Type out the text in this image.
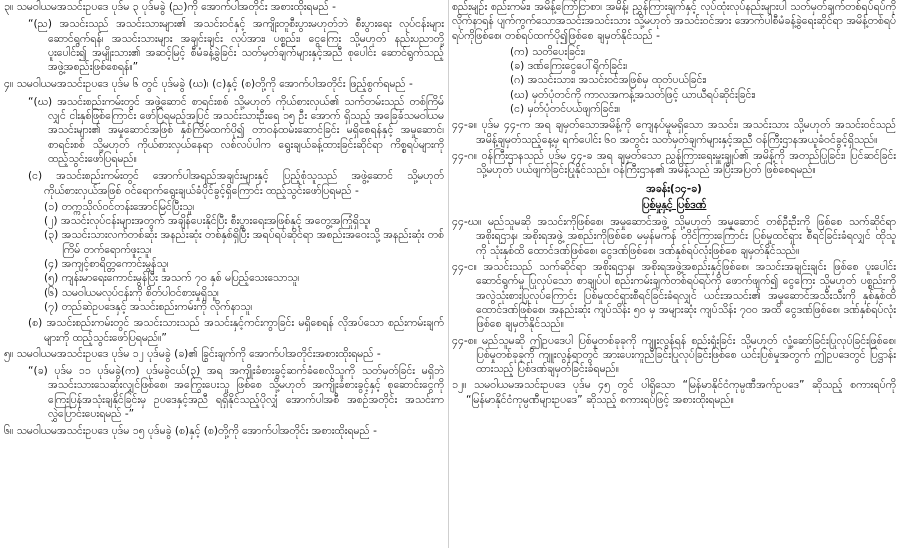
၃။ သမဝါယမအသင်းဥပဒေ ပုဒ်မ ၃ ပုဒ်မခွဲ (ည)ကို အောက်ပါအတိုင်း အစားထိုးရမည် -

“(ည) အသင်းသည် အသင်းသားများ၏ အသင်းဝင်နှင့် အကျိုးတူစီးပွားမဟုတ်ဘဲ စီးပွားရေး လုပ်ငန်းများ ဆောင်ရွက်ရန်၊ အသင်းသားများ အချင်းချင်း လုပ်အား၊ ပစ္စည်း၊ ငွေကြေး သို့မဟုတ် နည်းပညာတို့ ပူးပေါင်း၍ အမျိုးသား၏ အဆင့်မြင့် စီမံခန့်ခွဲခြင်း သတ်မှတ်ချက်များနှင့်အညီ စုပေါင်း ဆောင်ရွက်သည့် အဖွဲ့အစည်းဖြစ်စေရန်။”

၄။ သမဝါယမအသင်းဥပဒေ ပုဒ်မ ၆ တွင် ပုဒ်မခွဲ (ဃ)၊ (င)နှင့် (စ)တို့ကို အောက်ပါအတိုင်း ဖြည့်စွက်ရမည် -

“(ဃ) အသင်းစည်းကမ်းတွင် အဖွဲ့ဆောင် စာရင်းစစ် သို့မဟုတ် ကိုယ်စားလှယ်၏ သက်တမ်းသည် တစ်ကြိမ်လျှင် ငါးနှစ်ဖြစ်ကြောင်း ဖော်ပြရမည့်အပြင် အသင်းသားဦးရေ ၁၅ ဦး အောက် ရှိသည့် အခြေခံသမဝါယမအသင်းများ၏ အမှုဆောင်အဖြစ် နှစ်ကြိမ်ထက်ပို၍ တာဝန်ထမ်းဆောင်ခြင်း မရှိစေရန်နှင့် အမှုဆောင်၊ စာရင်းစစ် သို့မဟုတ် ကိုယ်စားလှယ်နေရာ လစ်လပ်ပါက ရွေးချယ်ခန့်ထားခြင်းဆိုင်ရာ ကိစ္စရပ်များကို ထည့်သွင်းဖော်ပြရမည်။

(င) အသင်းစည်းကမ်းတွင် အောက်ပါအရည်အချင်းများနှင့် ပြည့်စုံသူသည် အဖွဲ့ဆောင် သို့မဟုတ် ကိုယ်စားလှယ်အဖြစ် ဝင်ရောက်ရွေးချယ်ခံပိုင်ခွင့်ရှိကြောင်း ထည့်သွင်းဖော်ပြရမည် -

(၁) တက္ကသိုလ်ဝင်တန်းအောင်မြင်ပြီးသူ၊

(၂) အသင်းလုပ်ငန်းများအတွက် အချိန်ပေးနိုင်ပြီး စီးပွားရေးအဖြစ်နှင့် အတွေ့အကြုံရှိသူ၊

(၃) အသင်းသားလက်တစ်ဆုံး အနည်းဆုံး တစ်နှစ်ရှိပြီး အရပ်ရပ်ဆိုင်ရာ အစည်းအဝေးသို့ အနည်းဆုံး တစ်ကြိမ် တက်ရောက်ဖူးသူ၊

(၄) အကျင့်စာရိတ္တကောင်းမွန်သူ၊

(၅) ကျန်းမာရေးကောင်းမွန်ပြီး အသက် ၇၀ နှစ် မပြည့်သေးသောသူ၊

(၆) သမဝါယမလုပ်ငန်းကို စိတ်ပါဝင်စားမှုရှိသူ၊

(၇) တည်ဆဲဥပဒေနှင့် အသင်းစည်းကမ်းကို လိုက်နာသူ၊

(စ) အသင်းစည်းကမ်းတွင် အသင်းသားသည် အသင်းနှင့်ကင်းကွာခြင်း မရှိစေရန် လိုအပ်သော စည်းကမ်းချက်များကို ထည့်သွင်းဖော်ပြရမည်။”

၅။ သမဝါယမအသင်းဥပဒေ ပုဒ်မ ၁၂ ပုဒ်မခွဲ (ခ)၏ ခြွင်းချက်ကို အောက်ပါအတိုင်းအစားထိုးရမည် -

“(ခ) ပုဒ်မ ၁၁ ပုဒ်မခွဲ(က) ပုဒ်မခွဲငယ်(၃) အရ အကျိုးခံစားခွင့်ဆက်ခံစေလိုသူကို သတ်မှတ်ခြင်း မရှိဘဲ အသင်းသားသေဆုံးလျှင်ဖြစ်စေ၊ အကြွေးပေးသူ ဖြစ်စေ သို့မဟုတ် အကျိုးခံစားခွင့်နှင့် စုဆောင်းငွေကို ကြေးပြန်အသုံးချနိုင်ခြင်းမှ ဥပဒေနှင့်အညီ ရရှိနိုင်သည့်ပိုလျှံ အောက်ပါအစီ အစဉ်အတိုင်း အသင်းက လွှဲပြောင်းပေးရမည် -”

၆။ သမဝါယမအသင်းဥပဒေ ပုဒ်မ ၁၅ ပုဒ်မခွဲ (စ)နှင့် (စ)တို့ကို အောက်ပါအတိုင်း အစားထိုးရမည် -

စည်းမျဉ်း စည်းကမ်း၊ အမိန့်ကြော်ငြာစာ၊ အမိန့်၊ ညွှန်ကြားချက်နှင့် လုပ်ထုံးလုပ်နည်းများပါ သတ်မှတ်ချက်တစ်ရပ်ရပ်ကို လိုက်နာရန် ပျက်ကွက်သောအသင်းအသင်းသား သို့မဟုတ် အသင်းဝင်အား အောက်ပါစီမံခန့်ခွဲရေးဆိုင်ရာ အမိန့်တစ်ရပ်ရပ်ကိုဖြစ်စေ၊ တစ်ရပ်ထက်ပို၍ဖြစ်စေ ချမှတ်နိုင်သည် -

(က) သတိပေးခြင်း၊

(ခ) ဒဏ်ကြေးငွေပေါ်ရိုက်ခြင်း၊

(ဂ) အသင်းသား၊ အသင်းဝင်အဖြစ်မှ ထုတ်ပယ်ခြင်း၊

(ဃ) မှတ်ပုံတင်ကို ကာလအကန့်အသတ်ဖြင့် ယာယီရပ်ဆိုင်းခြင်း၊

(င) မှတ်ပုံတင်ပယ်ဖျက်ခြင်း။

၄၄-ခ။ ပုဒ်မ ၄၄-က အရ ချမှတ်သောအမိန့်ကို ကျေနပ်မှုမရှိသော အသင်း၊ အသင်းသား သို့မဟုတ် အသင်းဝင်သည် အမိန့်ချမှတ်သည့်နေ့မှ ရက်ပေါင်း ၆၀ အတွင်း သတ်မှတ်ချက်များနှင့်အညီ ဝန်ကြီးဌာနအယူခံဝင်ခွင့်ရှိသည်။

၄၄-ဂ။ ဝန်ကြီးဌာနသည် ပုဒ်မ ၄၄-ခ အရ ချမှတ်သော ညွှန်ကြားရေးမှူးချုပ်၏ အမိန့်ကို အတည်ပြုခြင်း၊ ပြင်ဆင်ခြင်း သို့မဟုတ် ပယ်ဖျက်ခြင်းပြုနိုင်သည်။ ဝန်ကြီးဌာန၏ အမိန့်သည် အပြီးအပြတ် ဖြစ်စေရမည်။

အခန်း(၁၄-ခ)

ပြစ်မှုနှင့် ပြစ်ဒဏ်

၄၄-ဃ။ မည်သူမဆို အသင်းကိုဖြစ်စေ၊ အမှုဆောင်အဖွဲ့ သို့မဟုတ် အမှုဆောင် တစ်ဦးဦးကို ဖြစ်စေ သက်ဆိုင်ရာ အစိုးရဌာန၊ အစိုးရအဖွဲ့ အစည်းကိုဖြစ်စေ မမှန်မကန် တိုင်ကြားကြောင်း ပြစ်မှုထင်ရှား စီရင်ခြင်းခံရလျှင် ထိုသူကို သုံးနှစ်ထိ ထောင်ဒဏ်ဖြစ်စေ၊ ငွေဒဏ်ဖြစ်စေ၊ ဒဏ်နှစ်ရပ်လုံးဖြစ်စေ ချမှတ်နိုင်သည်။

၄၄-င။ အသင်းသည် သက်ဆိုင်ရာ အစိုးရဌာန၊ အစိုးရအဖွဲ့အစည်းနှင့်ဖြစ်စေ၊ အသင်းအချင်းချင်း ဖြစ်စေ ပူးပေါင်းဆောင်ရွက်မှု ပြုလုပ်သော စာချုပ်ပါ စည်းကမ်းချက်တစ်ရပ်ရပ်ကို ဖောက်ဖျက်၍ ငွေကြေး သို့မဟုတ် ပစ္စည်းကို အလွဲသုံးစားပြုလုပ်ကြောင်း ပြစ်မှုထင်ရှားစီရင်ခြင်းခံရလျှင် ယင်းအသင်း၏ အမှုဆောင်အသီးသီးကို နှစ်နှစ်ထိ ထောင်ဒဏ်ဖြစ်စေ၊ အနည်းဆုံး ကျပ်သိန်း ၅၀ မှ အများဆုံး ကျပ်သိန်း ၇၀၀ အထိ ငွေဒဏ်ဖြစ်စေ၊ ဒဏ်နှစ်ရပ်လုံးဖြစ်စေ ချမှတ်နိုင်သည်။

၄၄-စ။ မည်သူမဆို ဤဥပဒေပါ ပြစ်မှုတစ်ခုခုကို ကျူးလွန်ရန် စည်းရုံးခြင်း သို့မဟုတ် လှုံ့ဆော်ခြင်းပြုလုပ်ခြင်းဖြစ်စေ၊ ပြစ်မှုတစ်ခုခုကို ကျူးလွန်ရာတွင် အားပေးကူညီခြင်းပြုလုပ်ခြင်းဖြစ်စေ ယင်းပြစ်မှုအတွက် ဤဥပဒေတွင် ပြဋ္ဌာန်းထားသည့် ပြစ်ဒဏ်ချမှတ်ခြင်းခံရမည်။

၁၂။ သမဝါယမအသင်းဥပဒေ ပုဒ်မ ၄၅ တွင် ပါရှိသော “မြန်မာနိုင်ငံကုမ္ပဏီအက်ဥပဒေ” ဆိုသည့် စကားရပ်ကို “မြန်မာနိုင်ငံကုမ္ပဏီများဥပဒေ” ဆိုသည့် စကားရပ်ဖြင့် အစားထိုးရမည်။
